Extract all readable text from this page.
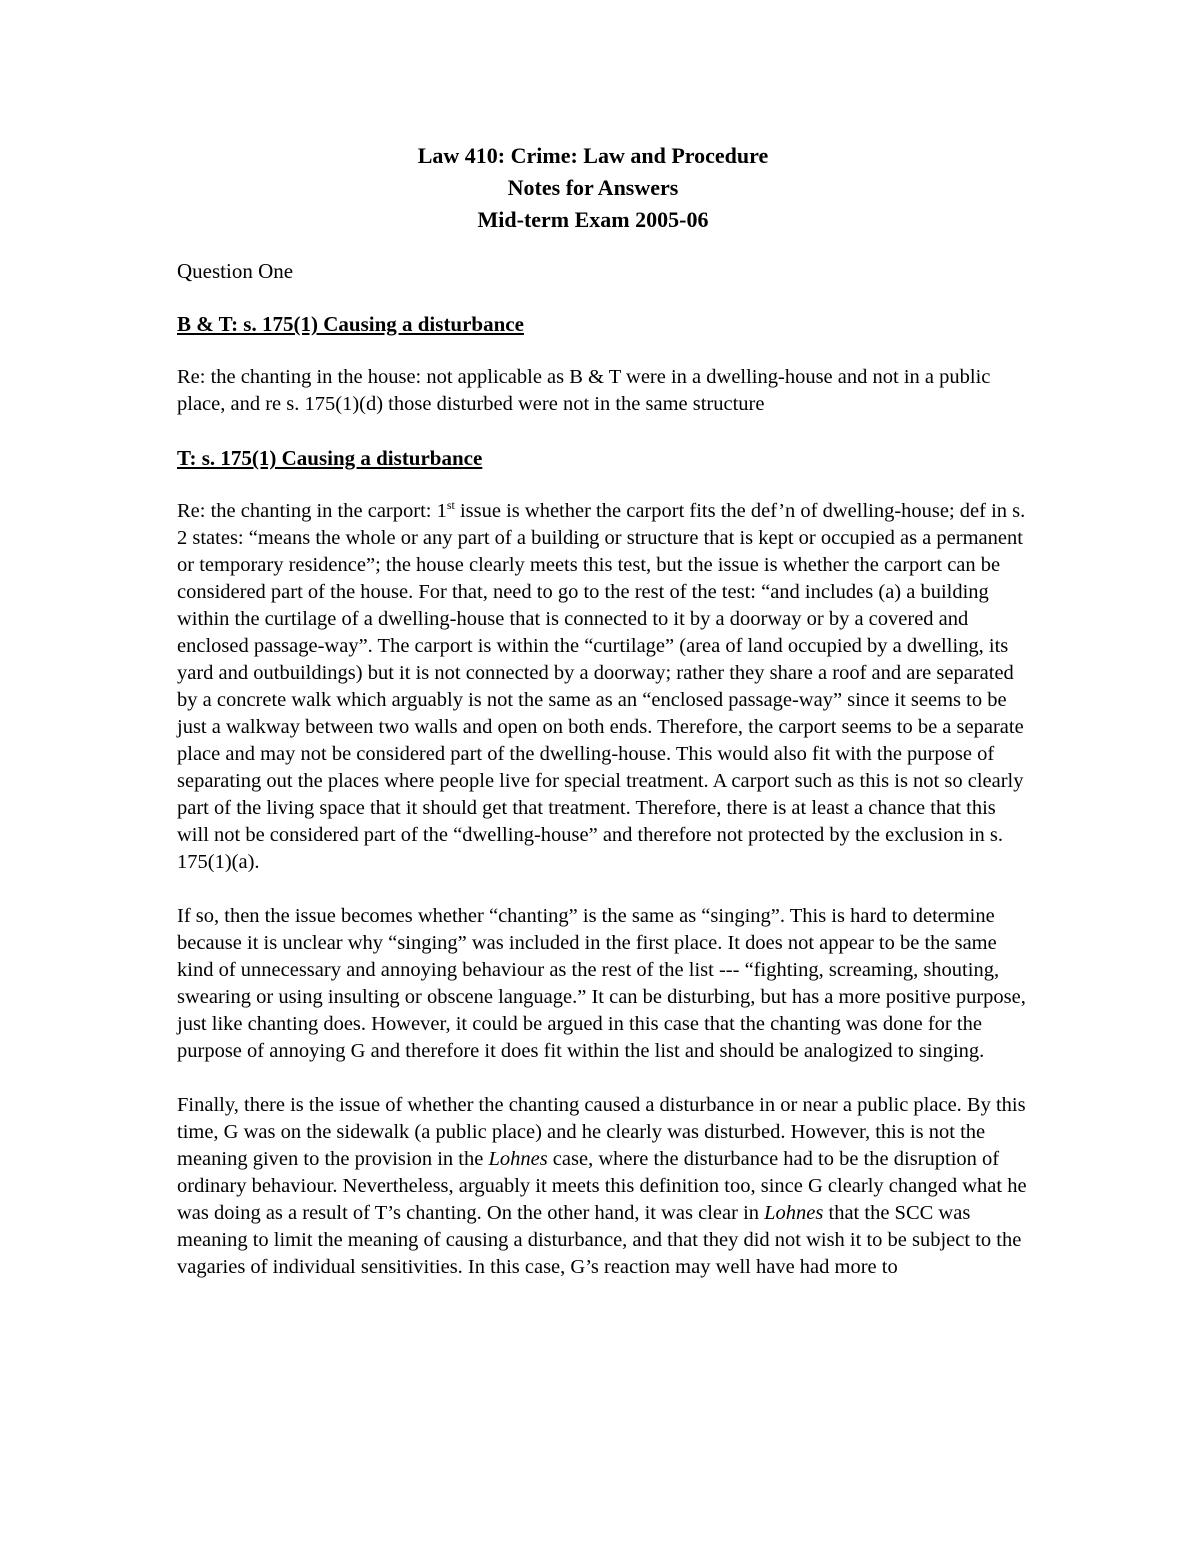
Law 410: Crime: Law and Procedure
Notes for Answers
Mid-term Exam 2005-06
Question One
B & T: s. 175(1) Causing a disturbance

Re: the chanting in the house: not applicable as B & T were in a dwelling-house and not in a public place, and re s. 175(1)(d) those disturbed were not in the same structure

T: s. 175(1) Causing a disturbance

Re: the chanting in the carport: 1st issue is whether the carport fits the def’n of dwelling-house; def in s. 2 states: “means the whole or any part of a building or structure that is kept or occupied as a permanent or temporary residence”; the house clearly meets this test, but the issue is whether the carport can be considered part of the house. For that, need to go to the rest of the test: “and includes (a) a building within the curtilage of a dwelling-house that is connected to it by a doorway or by a covered and enclosed passage-way”. The carport is within the “curtilage” (area of land occupied by a dwelling, its yard and outbuildings) but it is not connected by a doorway; rather they share a roof and are separated by a concrete walk which arguably is not the same as an “enclosed passage-way” since it seems to be just a walkway between two walls and open on both ends. Therefore, the carport seems to be a separate place and may not be considered part of the dwelling-house. This would also fit with the purpose of separating out the places where people live for special treatment. A carport such as this is not so clearly part of the living space that it should get that treatment. Therefore, there is at least a chance that this will not be considered part of the “dwelling-house” and therefore not protected by the exclusion in s. 175(1)(a).

If so, then the issue becomes whether “chanting” is the same as “singing”. This is hard to determine because it is unclear why “singing” was included in the first place. It does not appear to be the same kind of unnecessary and annoying behaviour as the rest of the list --- “fighting, screaming, shouting, swearing or using insulting or obscene language.” It can be disturbing, but has a more positive purpose, just like chanting does. However, it could be argued in this case that the chanting was done for the purpose of annoying G and therefore it does fit within the list and should be analogized to singing.

Finally, there is the issue of whether the chanting caused a disturbance in or near a public place. By this time, G was on the sidewalk (a public place) and he clearly was disturbed. However, this is not the meaning given to the provision in the Lohnes case, where the disturbance had to be the disruption of ordinary behaviour. Nevertheless, arguably it meets this definition too, since G clearly changed what he was doing as a result of T’s chanting. On the other hand, it was clear in Lohnes that the SCC was meaning to limit the meaning of causing a disturbance, and that they did not wish it to be subject to the vagaries of individual sensitivities. In this case, G’s reaction may well have had more to
